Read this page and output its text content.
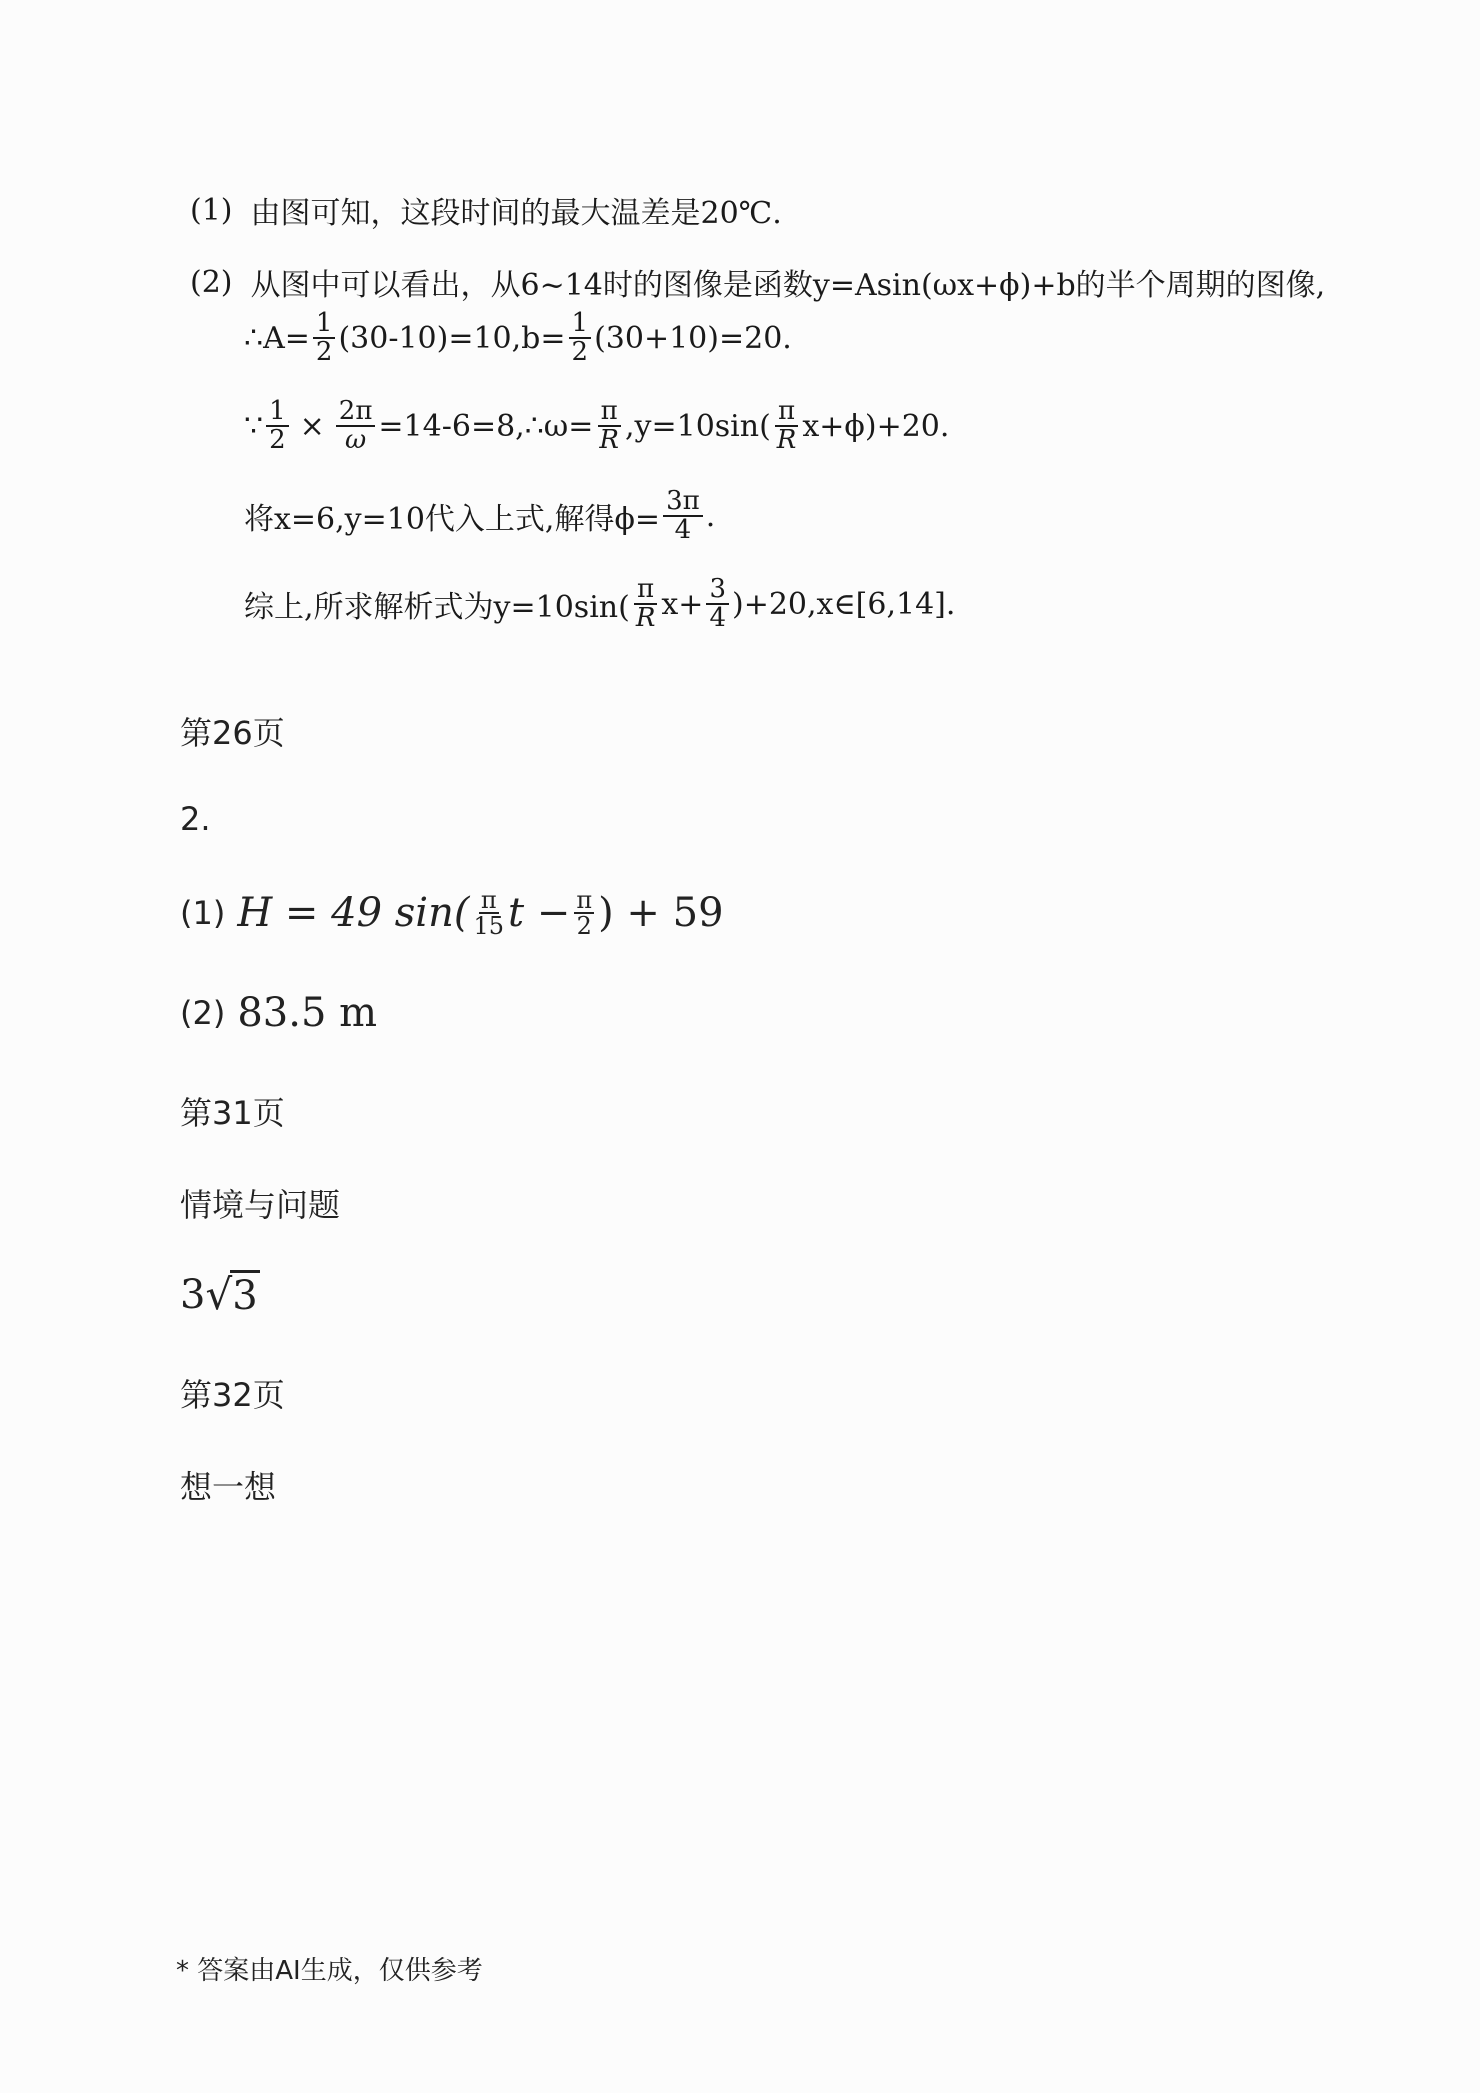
(1) 由图可知，这段时间的最大温差是20℃.
(2) 从图中可以看出，从6~14时的图像是函数y=Asin(ωx+ϕ)+b的半个周期的图像,
∴A= $\frac{1}{2} (30-10)=10,b= \frac{1}{2} (30+10)=20$.
∵ $\frac{1}{2} \times \frac{2\pi}{\omega}$ =14-6=8,∴ω= $\frac{\pi}{R} ,y=10\sin( \frac{\pi}{R} x+\phi)+20$.
将x=6,y=10代入上式,解得$\phi= \frac{3\pi}{4}$ .
综上,所求解析式为$y=10\sin( \frac{\pi}{R} x+ \frac{3}{4}$ )+20,x∈[6,14].
第26页
2.
(1) H = 49 sin( π
15 $t - \frac{\pi}{2}$ ) + 59
(2) 83.5 m
第31页
情境与问题
3 √ 3
第32页
想一想
* 答案由AI生成，仅供参考
